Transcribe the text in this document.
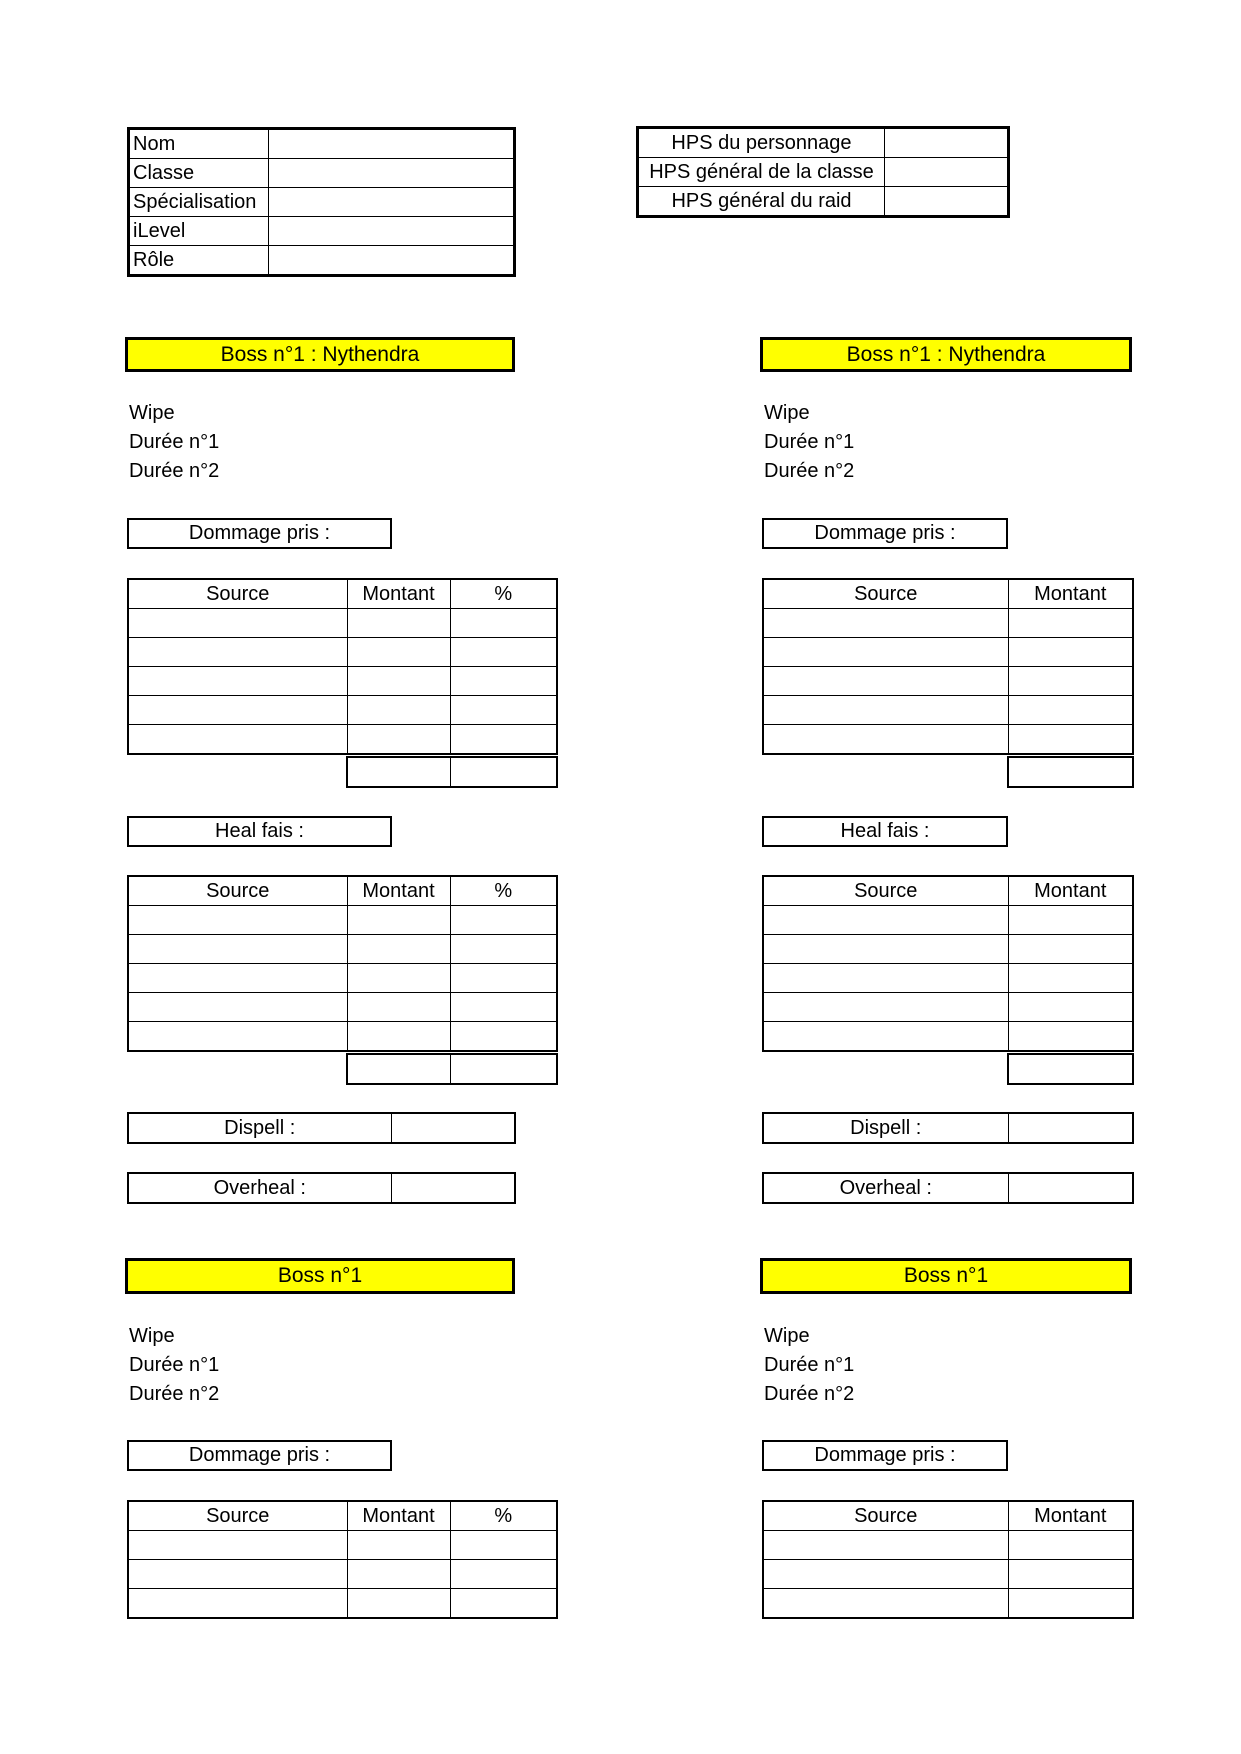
Nom	
Classe	
Spécialisation	
iLevel	
Rôle	
HPS du personnage	
HPS général de la classe	
HPS général du raid	
Boss n°1 : Nythendra	Boss n°1 : Nythendra
Wipe
Durée n°1
Durée n°2
Wipe
Durée n°1
Durée n°2
Dommage pris :	Dommage pris :
Source	Montant	%

		Source	Montant

Heal fais :	Heal fais :
Source	Montant	%

		Source	Montant

Dispell :	
Overheal :	
Dispell :	
Overheal :	
Boss n°1	Boss n°1
Wipe
Durée n°1
Durée n°2
Wipe
Durée n°1
Durée n°2
Dommage pris :	Dommage pris :
Source	Montant	%

			Source	Montant
